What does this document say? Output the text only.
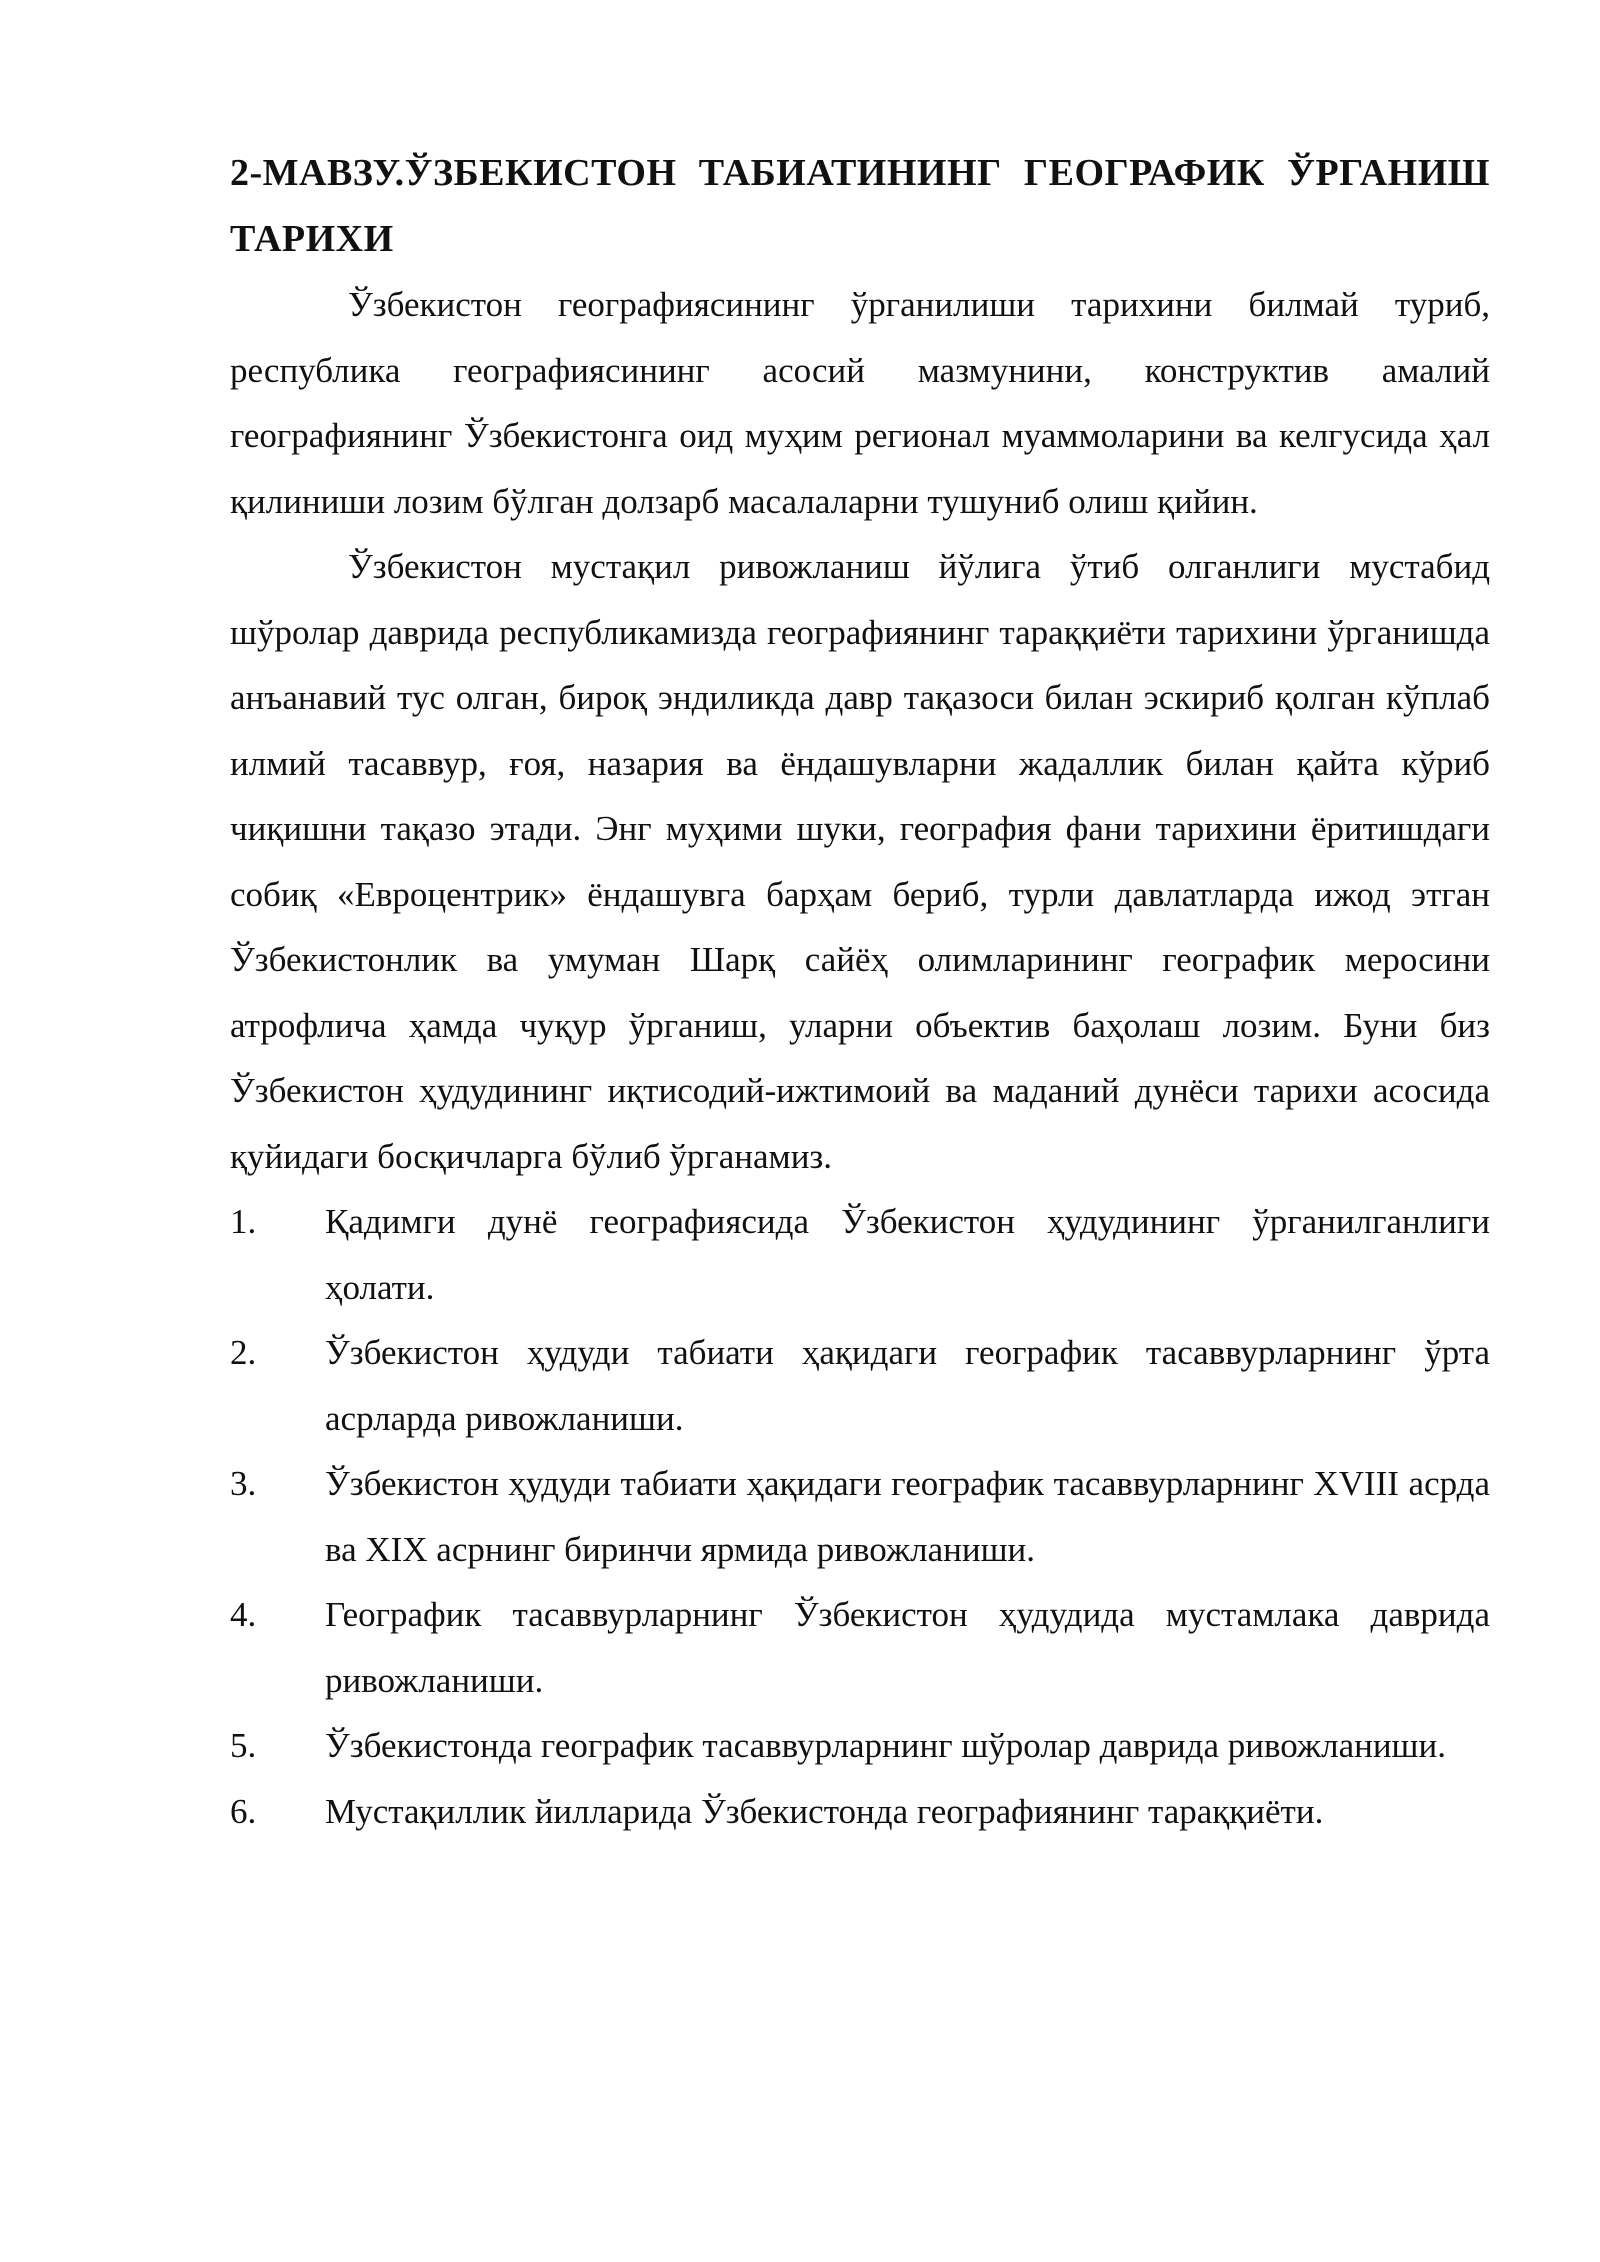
2-МАВЗУ.ЎЗБЕКИСТОН ТАБИАТИНИНГ ГЕОГРАФИК ЎРГАНИШ ТАРИХИ

Ўзбекистон географиясининг ўрганилиши тарихини билмай туриб, республика географиясининг асосий мазмунини, конструктив амалий географиянинг Ўзбекистонга оид муҳим регионал муаммоларини ва келгусида ҳал қилиниши лозим бўлган долзарб масалаларни тушуниб олиш қийин.

Ўзбекистон мустақил ривожланиш йўлига ўтиб олганлиги мустабид шўролар даврида республикамизда географиянинг тараққиёти тарихини ўрганишда анъанавий тус олган, бироқ эндиликда давр тақазоси билан эскириб қолган кўплаб илмий тасаввур, ғоя, назария ва ёндашувларни жадаллик билан қайта кўриб чиқишни тақазо этади. Энг муҳими шуки, география фани тарихини ёритишдаги собиқ «Евроцентрик» ёндашувга барҳам бериб, турли давлатларда ижод этган Ўзбекистонлик ва умуман Шарқ сайёҳ олимларининг географик меросини атрофлича ҳамда чуқур ўрганиш, уларни объектив баҳолаш лозим. Буни биз Ўзбекистон ҳудудининг иқтисодий-ижтимоий ва маданий дунёси тарихи асосида қуйидаги босқичларга бўлиб ўрганамиз.

1. Қадимги дунё географиясида Ўзбекистон ҳудудининг ўрганилганлиги ҳолати.
2. Ўзбекистон ҳудуди табиати ҳақидаги географик тасаввурларнинг ўрта асрларда ривожланиши.
3. Ўзбекистон ҳудуди табиати ҳақидаги географик тасаввурларнинг XVIII асрда ва XIX асрнинг биринчи ярмида ривожланиши.
4. Географик тасаввурларнинг Ўзбекистон ҳудудида мустамлака даврида ривожланиши.
5. Ўзбекистонда географик тасаввурларнинг шўролар даврида ривожланиши.
6. Мустақиллик йилларида Ўзбекистонда географиянинг тараққиёти.
